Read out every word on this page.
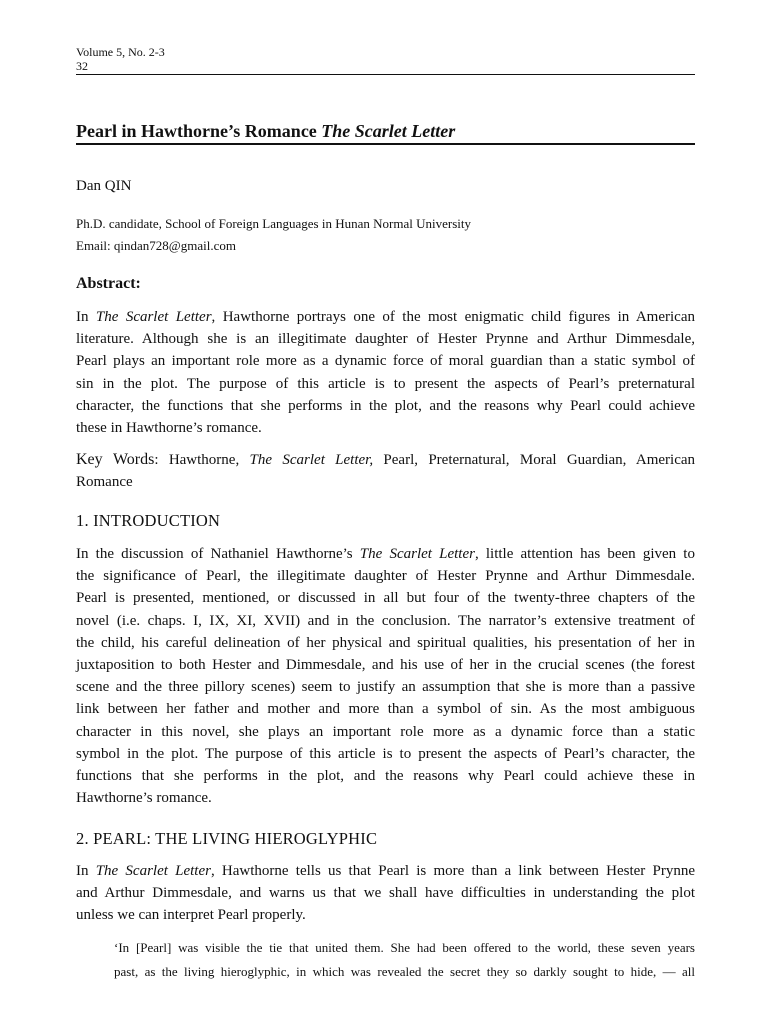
Volume 5, No. 2-3
32
Pearl in Hawthorne’s Romance The Scarlet Letter
Dan QIN
Ph.D. candidate, School of Foreign Languages in Hunan Normal University
Email: qindan728@gmail.com
Abstract:
In The Scarlet Letter, Hawthorne portrays one of the most enigmatic child figures in American
literature. Although she is an illegitimate daughter of Hester Prynne and Arthur Dimmesdale,
Pearl plays an important role more as a dynamic force of moral guardian than a static symbol of
sin in the plot. The purpose of this article is to present the aspects of Pearl’s preternatural
character, the functions that she performs in the plot, and the reasons why Pearl could achieve
these in Hawthorne’s romance.
Key Words: Hawthorne, The Scarlet Letter, Pearl, Preternatural, Moral Guardian, American
Romance
1. INTRODUCTION
In the discussion of Nathaniel Hawthorne’s The Scarlet Letter, little attention has been given to
the significance of Pearl, the illegitimate daughter of Hester Prynne and Arthur Dimmesdale.
Pearl is presented, mentioned, or discussed in all but four of the twenty-three chapters of the
novel (i.e. chaps. I, IX, XI, XVII) and in the conclusion. The narrator’s extensive treatment of
the child, his careful delineation of her physical and spiritual qualities, his presentation of her in
juxtaposition to both Hester and Dimmesdale, and his use of her in the crucial scenes (the forest
scene and the three pillory scenes) seem to justify an assumption that she is more than a passive
link between her father and mother and more than a symbol of sin. As the most ambiguous
character in this novel, she plays an important role more as a dynamic force than a static
symbol in the plot. The purpose of this article is to present the aspects of Pearl’s character, the
functions that she performs in the plot, and the reasons why Pearl could achieve these in
Hawthorne’s romance.
2. PEARL: THE LIVING HIEROGLYPHIC
In The Scarlet Letter, Hawthorne tells us that Pearl is more than a link between Hester Prynne
and Arthur Dimmesdale, and warns us that we shall have difficulties in understanding the plot
unless we can interpret Pearl properly.
‘In [Pearl] was visible the tie that united them. She had been offered to the world, these seven years
past, as the living hieroglyphic, in which was revealed the secret they so darkly sought to hide, — all
